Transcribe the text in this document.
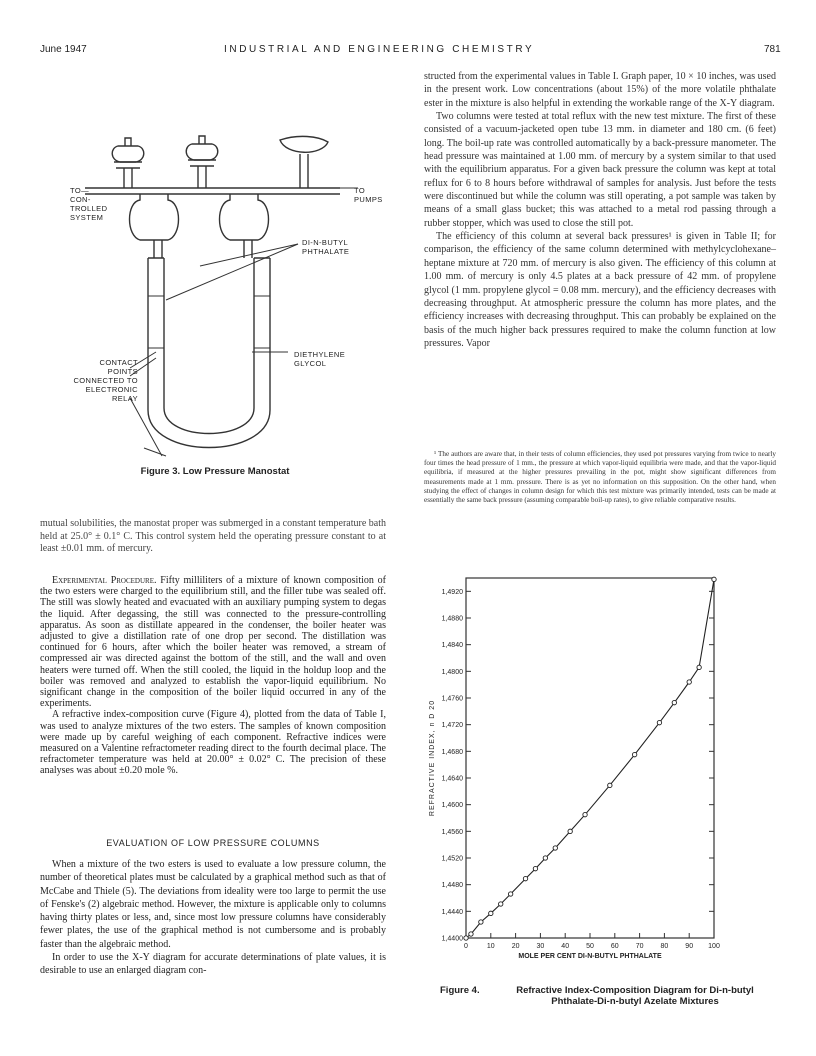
June 1947	INDUSTRIAL AND ENGINEERING CHEMISTRY	781
TO—
CON-
TROLLED
SYSTEM
TO
PUMPS
DI-N-BUTYL
PHTHALATE
DIETHYLENE
GLYCOL
CONTACT
POINTS
CONNECTED TO
ELECTRONIC
RELAY
Figure 3. Low Pressure Manostat

mutual solubilities, the manostat proper was submerged in a constant temperature bath held at 25.0° ± 0.1° C. This control system held the operating pressure constant to at least ±0.01 mm. of mercury.

Experimental Procedure. Fifty milliliters of a mixture of known composition of the two esters were charged to the equilibrium still, and the filler tube was sealed off. The still was slowly heated and evacuated with an auxiliary pumping system to degas the liquid. After degassing, the still was connected to the pressure-controlling apparatus. As soon as distillate appeared in the condenser, the boiler heater was adjusted to give a distillation rate of one drop per second. The distillation was continued for 6 hours, after which the boiler heater was removed, a stream of compressed air was directed against the bottom of the still, and the wall and oven heaters were turned off. When the still cooled, the liquid in the holdup loop and the boiler was removed and analyzed to establish the vapor-liquid equilibrium. No significant change in the composition of the boiler liquid occurred in any of the experiments.

A refractive index-composition curve (Figure 4), plotted from the data of Table I, was used to analyze mixtures of the two esters. The samples of known composition were made up by careful weighing of each component. Refractive indices were measured on a Valentine refractometer reading direct to the fourth decimal place. The refractometer temperature was held at 20.00° ± 0.02° C. The precision of these analyses was about ±0.20 mole %.

EVALUATION OF LOW PRESSURE COLUMNS

When a mixture of the two esters is used to evaluate a low pressure column, the number of theoretical plates must be calculated by a graphical method such as that of McCabe and Thiele (5). The deviations from ideality were too large to permit the use of Fenske's (2) algebraic method. However, the mixture is applicable only to columns having thirty plates or less, and, since most low pressure columns have considerably fewer plates, the use of the graphical method is not cumbersome and is probably faster than the algebraic method.

In order to use the X-Y diagram for accurate determinations of plate values, it is desirable to use an enlarged diagram con-

structed from the experimental values in Table I. Graph paper, 10 × 10 inches, was used in the present work. Low concentrations (about 15%) of the more volatile phthalate ester in the mixture is also helpful in extending the workable range of the X-Y diagram.

Two columns were tested at total reflux with the new test mixture. The first of these consisted of a vacuum-jacketed open tube 13 mm. in diameter and 180 cm. (6 feet) long. The boil-up rate was controlled automatically by a back-pressure manometer. The head pressure was maintained at 1.00 mm. of mercury by a system similar to that used with the equilibrium apparatus. For a given back pressure the column was kept at total reflux for 6 to 8 hours before withdrawal of samples for analysis. Just before the tests were discontinued but while the column was still operating, a pot sample was taken by means of a small glass bucket; this was attached to a metal rod passing through a rubber stopper, which was used to close the still pot.

The efficiency of this column at several back pressures¹ is given in Table II; for comparison, the efficiency of the same column determined with methylcyclohexane–heptane mixture at 720 mm. of mercury is also given. The efficiency of this column at 1.00 mm. of mercury is only 4.5 plates at a back pressure of 42 mm. of propylene glycol (1 mm. propylene glycol = 0.08 mm. mercury), and the efficiency decreases with decreasing throughput. At atmospheric pressure the column has more plates, and the efficiency increases with decreasing throughput. This can probably be explained on the basis of the much higher back pressures required to make the column function at low pressures. Vapor

¹ The authors are aware that, in their tests of column efficiencies, they used pot pressures varying from twice to nearly four times the head pressure of 1 mm., the pressure at which vapor-liquid equilibria were made, and that the vapor-liquid equilibria, if measured at the higher pressures prevailing in the pot, might show significant differences from measurements made at 1 mm. pressure. There is as yet no information on this supposition. On the other hand, when studying the effect of changes in column design for which this test mixture was primarily intended, tests can be made at essentially the same back pressure (assuming comparable boil-up rates), to give reliable comparative results.

1,4400
1,4440
1,4480
1,4520
1,4560
1,4600
1,4640
1,4680
1,4720
1,4760
1,4800
1,4840
1,4880
1,4920
0	10 20 30 40 50 60 70 80 90 100
MOLE PER CENT DI-N-BUTYL PHTHALATE
REFRACTIVE INDEX, n D 20
Figure 4.	Refractive Index-Composition Diagram for Di-n-butyl Phthalate-Di-n-butyl Azelate Mixtures
